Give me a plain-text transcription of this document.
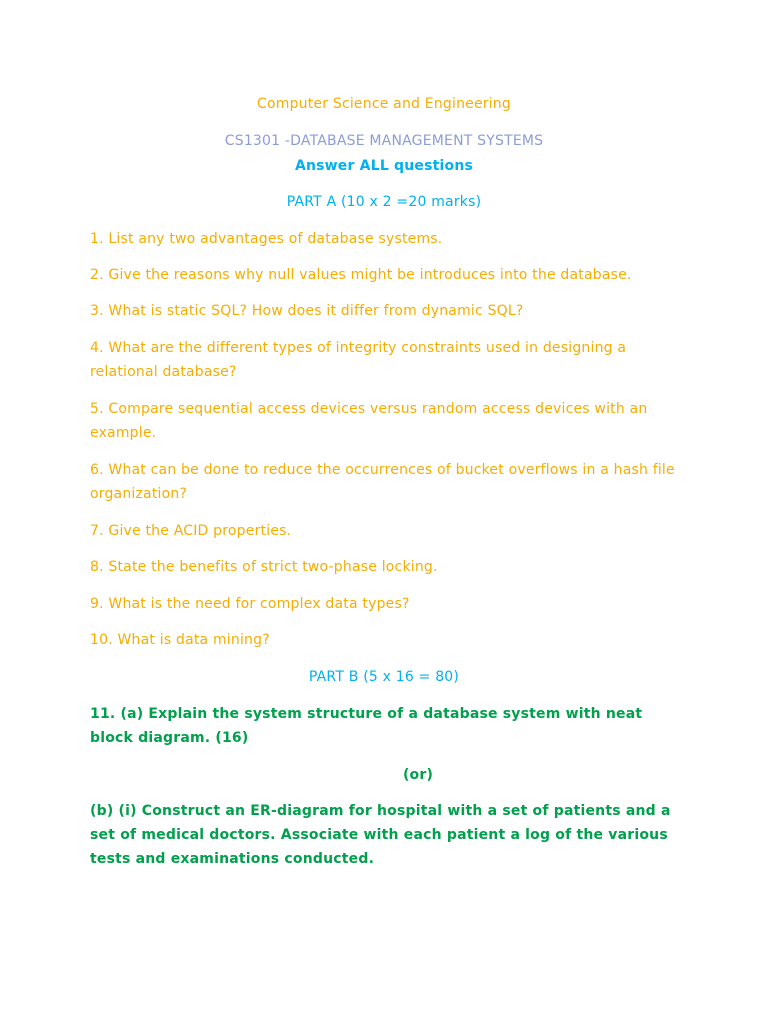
Computer Science and Engineering

CS1301 -DATABASE MANAGEMENT SYSTEMS

Answer ALL questions

PART A (10 x 2 =20 marks)

1. List any two advantages of database systems.

2. Give the reasons why null values might be introduces into the database.

3. What is static SQL? How does it differ from dynamic SQL?

4. What are the different types of integrity constraints used in designing a relational database?

5. Compare sequential access devices versus random access devices with an example.

6. What can be done to reduce the occurrences of bucket overflows in a hash file organization?

7. Give the ACID properties.

8. State the benefits of strict two-phase locking.

9. What is the need for complex data types?

10. What is data mining?

PART B (5 x 16 = 80)

11. (a) Explain the system structure of a database system with neat block diagram. (16)

(or)

(b) (i) Construct an ER-diagram for hospital with a set of patients and a set of medical doctors. Associate with each patient a log of the various tests and examinations conducted.
